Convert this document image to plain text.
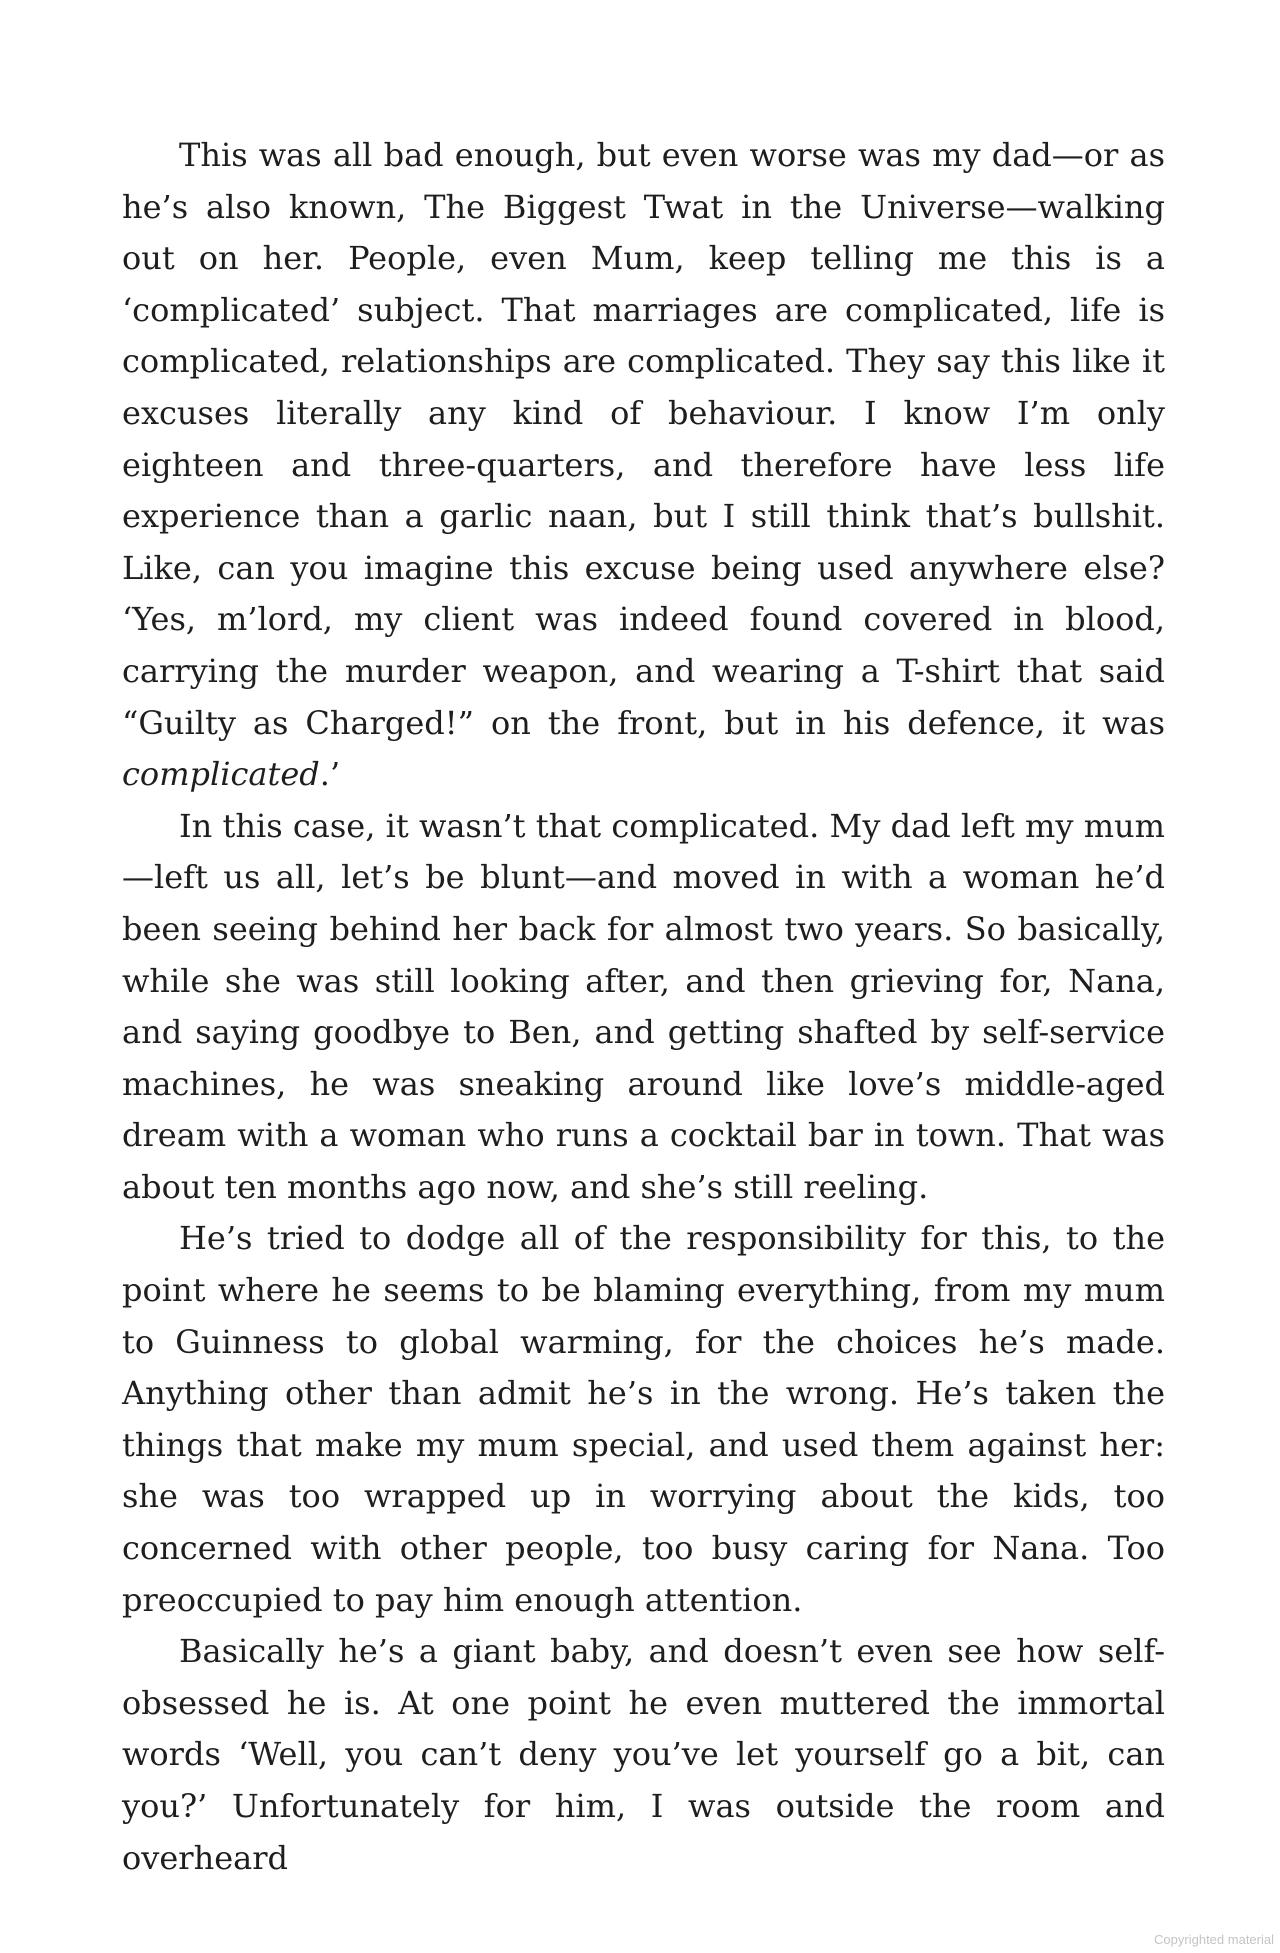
This was all bad enough, but even worse was my dad—or as he’s also known, The Biggest Twat in the Universe—walking out on her. People, even Mum, keep telling me this is a ‘complicated’ subject. That marriages are complicated, life is complicated, relationships are complicated. They say this like it excuses literally any kind of behaviour. I know I’m only eighteen and three-quarters, and therefore have less life experience than a garlic naan, but I still think that’s bullshit. Like, can you imagine this excuse being used anywhere else? ‘Yes, m’lord, my client was indeed found covered in blood, carrying the murder weapon, and wearing a T-shirt that said “Guilty as Charged!” on the front, but in his defence, it was complicated.’

In this case, it wasn’t that complicated. My dad left my mum —left us all, let’s be blunt—and moved in with a woman he’d been seeing behind her back for almost two years. So basically, while she was still looking after, and then grieving for, Nana, and saying goodbye to Ben, and getting shafted by self-service machines, he was sneaking around like love’s middle-aged dream with a woman who runs a cocktail bar in town. That was about ten months ago now, and she’s still reeling.

He’s tried to dodge all of the responsibility for this, to the point where he seems to be blaming everything, from my mum to Guinness to global warming, for the choices he’s made. Anything other than admit he’s in the wrong. He’s taken the things that make my mum special, and used them against her: she was too wrapped up in worrying about the kids, too concerned with other people, too busy caring for Nana. Too preoccupied to pay him enough attention.

Basically he’s a giant baby, and doesn’t even see how self-obsessed he is. At one point he even muttered the immortal words ‘Well, you can’t deny you’ve let yourself go a bit, can you?’ Unfortunately for him, I was outside the room and overheard

Copyrighted material
